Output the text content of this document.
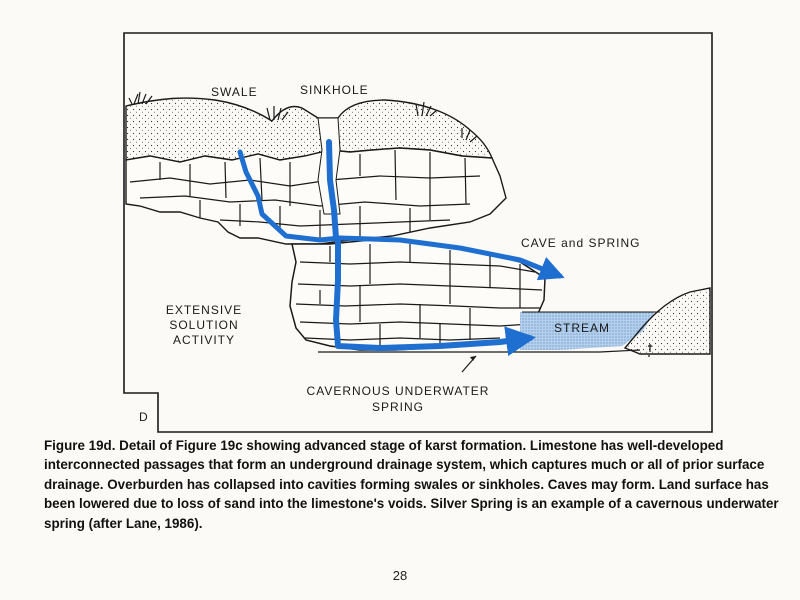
SWALE	SINKHOLE
CAVE and SPRING
EXTENSIVE
SOLUTION
ACTIVITY
STREAM
CAVERNOUS UNDERWATER
SPRING
D
Figure 19d. Detail of Figure 19c showing advanced stage of karst formation. Limestone has well-developed interconnected passages that form an underground drainage system, which captures much or all of prior surface drainage. Overburden has collapsed into cavities forming swales or sinkholes. Caves may form. Land surface has been lowered due to loss of sand into the limestone's voids. Silver Spring is an example of a cavernous underwater spring (after Lane, 1986).
28
